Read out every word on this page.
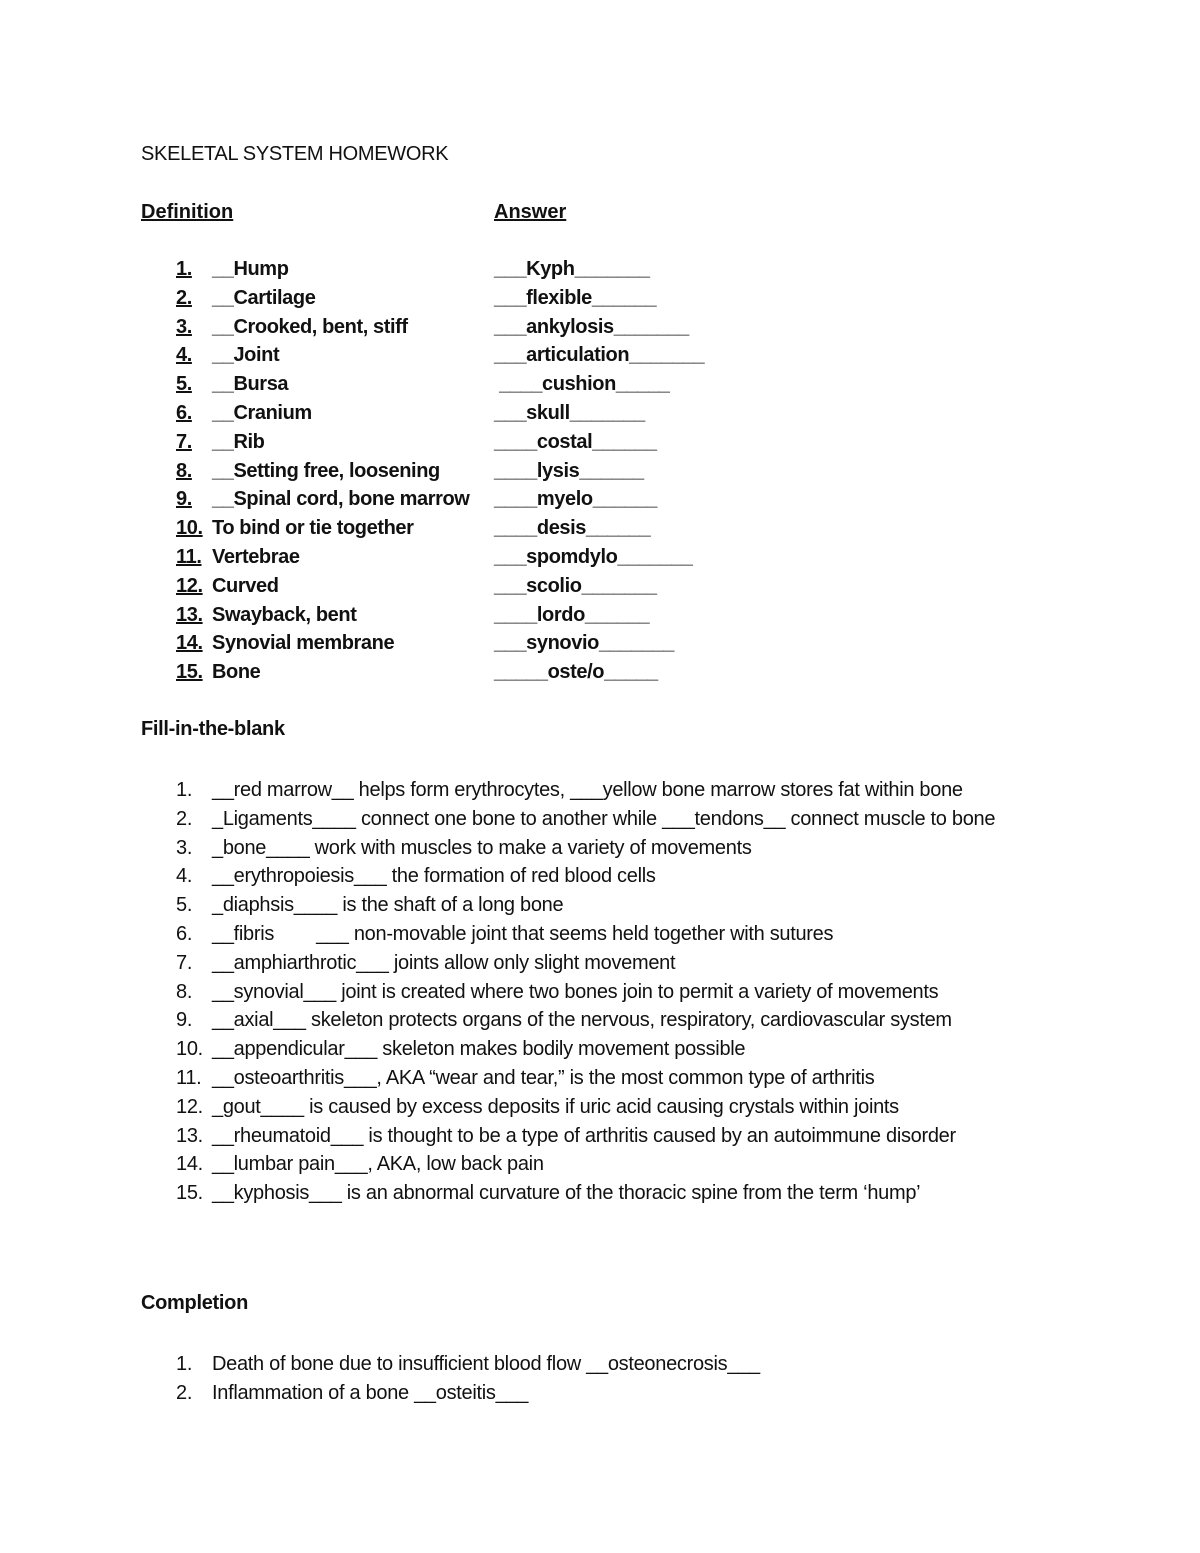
SKELETAL SYSTEM HOMEWORK
Definition	Answer
1. __Hump	___Kyph_______
2. __Cartilage	___flexible______
3. __Crooked, bent, stiff	___ankylosis_______
4. __Joint	___articulation_______
5. __Bursa	____cushion_____
6. __Cranium	___skull_______
7. __Rib	____costal______
8. __Setting free, loosening	____lysis______
9. __Spinal cord, bone marrow ____myelo______
10. To bind or tie together	____desis______
11. Vertebrae	___spomdylo_______
12. Curved	___scolio_______
13. Swayback, bent	____lordo______
14. Synovial membrane	___synovio_______
15. Bone	_____oste/o_____
Fill-in-the-blank
1. __red marrow__ helps form erythrocytes, ___yellow bone marrow stores fat within bone
2. _Ligaments____ connect one bone to another while ___tendons__ connect muscle to bone
3. _bone____ work with muscles to make a variety of movements
4. __erythropoiesis___ the formation of red blood cells
5. _diaphsis____ is the shaft of a long bone
6. __fibris        ___ non-movable joint that seems held together with sutures
7. __amphiarthrotic___ joints allow only slight movement
8. __synovial___ joint is created where two bones join to permit a variety of movements
9. __axial___ skeleton protects organs of the nervous, respiratory, cardiovascular system
10. __appendicular___ skeleton makes bodily movement possible
11. __osteoarthritis___, AKA “wear and tear,” is the most common type of arthritis
12. _gout____ is caused by excess deposits if uric acid causing crystals within joints
13. __rheumatoid___ is thought to be a type of arthritis caused by an autoimmune disorder
14. __lumbar pain___, AKA, low back pain
15. __kyphosis___ is an abnormal curvature of the thoracic spine from the term ‘hump’
Completion
1. Death of bone due to insufficient blood flow __osteonecrosis___
2. Inflammation of a bone __osteitis___
